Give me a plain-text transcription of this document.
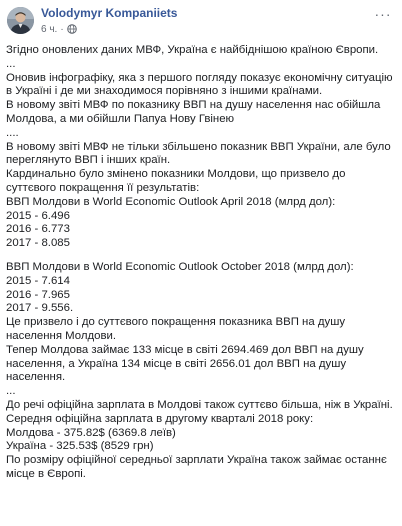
Volodymyr Kompaniiets
6 ч. ·
···
Згідно оновлених даних МВФ, Україна є найбіднішою країною Європи.
...
Оновив інфографіку, яка з першого погляду показує економічну ситуацію
в Україні і де ми знаходимося порівняно з іншими країнами.
В новому звіті МВФ по показнику ВВП на душу населення нас обійшла
Молдова, а ми обійшли Папуа Нову Гвінею
....
В новому звіті МВФ не тільки збільшено показник ВВП України, але було
переглянуто ВВП і інших країн.
Кардинально було змінено показники Молдови, що призвело до
суттєвого покращення її результатів:
ВВП Молдови в World Economic Outlook April 2018 (млрд дол):
2015 - 6.496
2016 - 6.773
2017 - 8.085
ВВП Молдови в World Economic Outlook October 2018 (млрд дол):
2015 - 7.614
2016 - 7.965
2017 - 9.556.
Це призвело і до суттєвого покращення показника ВВП на душу
населення Молдови.
Тепер Молдова займає 133 місце в світі 2694.469 дол ВВП на душу
населення, а Україна 134 місце в світі 2656.01 дол ВВП на душу
населення.
...
До речі офіційна зарплата в Молдові також суттєво більша, ніж в Україні.
Середня офіційна зарплата в другому кварталі 2018 року:
Молдова - 375.82$ (6369.8 леїв)
Україна - 325.53$ (8529 грн)
По розміру офіційної середньої зарплати Україна також займає останнє
місце в Європі.
